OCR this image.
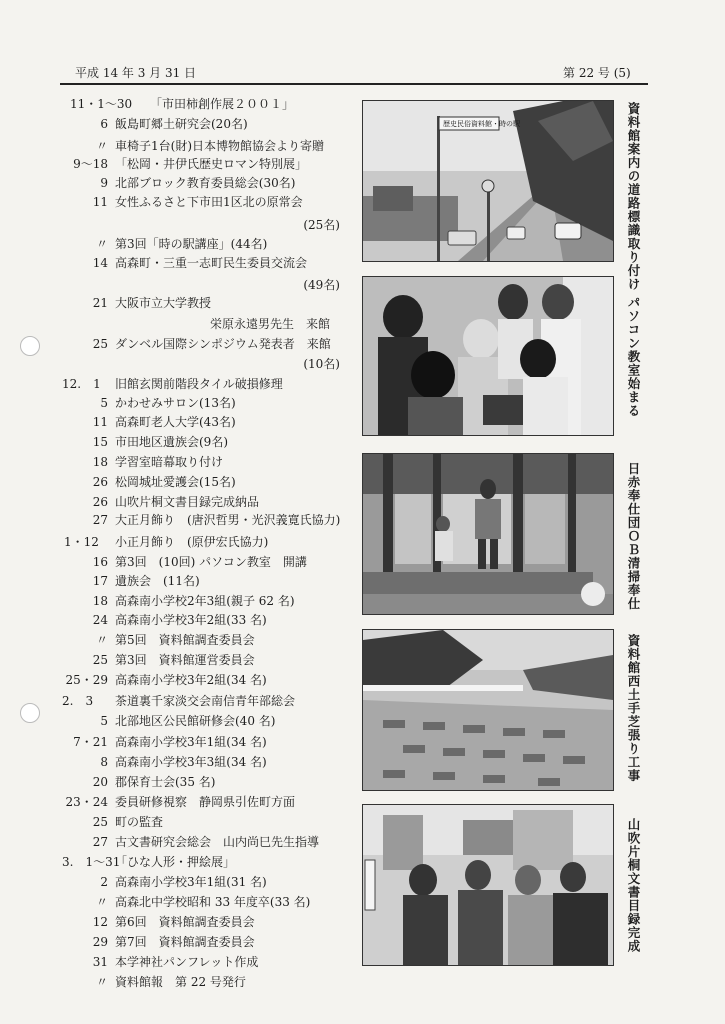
平成 14 年 3 月 31 日	第 22 号 (5)
11・1～30 「市田柿創作展２００１」
6 飯島町郷土研究会(20名)
〃 車椅子1台(財)日本博物館協会より寄贈
9～18 「松岡・井伊氏歴史ロマン特別展」
9 北部ブロック教育委員総会(30名)
11 女性ふるさと下市田1区北の原常会
(25名)
〃 第3回「時の駅講座」(44名)
14 高森町・三重一志町民生委員交流会
(49名)
21 大阪市立大学教授
栄原永遠男先生　来館
25 ダンベル国際シンポジウム発表者　来館
(10名)
12.　1 旧館玄関前階段タイル破損修理
5 かわせみサロン(13名)
11 高森町老人大学(43名)
15 市田地区遺族会(9名)
18 学習室暗幕取り付け
26 松岡城址愛護会(15名)
26 山吹片桐文書目録完成納品
27 大正月飾り　(唐沢哲男・光沢義寛氏協力)
1・12 小正月飾り　(原伊宏氏協力)
16 第3回　(10回) パソコン教室　開講
17 遺族会　(11名)
18 高森南小学校2年3組(親子 62 名)
24 高森南小学校3年2組(33 名)
〃 第5回　資料館調査委員会
25 第3回　資料館運営委員会
25・29 高森南小学校3年2組(34 名)
2.　3 茶道裏千家淡交会南信青年部総会
5 北部地区公民館研修会(40 名)
7・21 高森南小学校3年1組(34 名)
8 高森南小学校3年3組(34 名)
20 郡保育士会(35 名)
23・24 委員研修視察　静岡県引佐町方面
25 町の監査
27 古文書研究会総会　山内尚巳先生指導
3.　1～31
「ひな人形・押絵展」
2 高森南小学校3年1組(31 名)
〃 高森北中学校昭和 33 年度卒(33 名)
12 第6回　資料館調査委員会
29 第7回　資料館調査委員会
31 本学神社パンフレット作成
〃 資料館報　第 22 号発行
歴史民俗資料館・時の駅	資料館案内の道路標識取り付け
パソコン教室始まる
日赤奉仕団ＯＢ清掃奉仕
資料館西土手芝張り工事
山吹片桐文書目録完成
